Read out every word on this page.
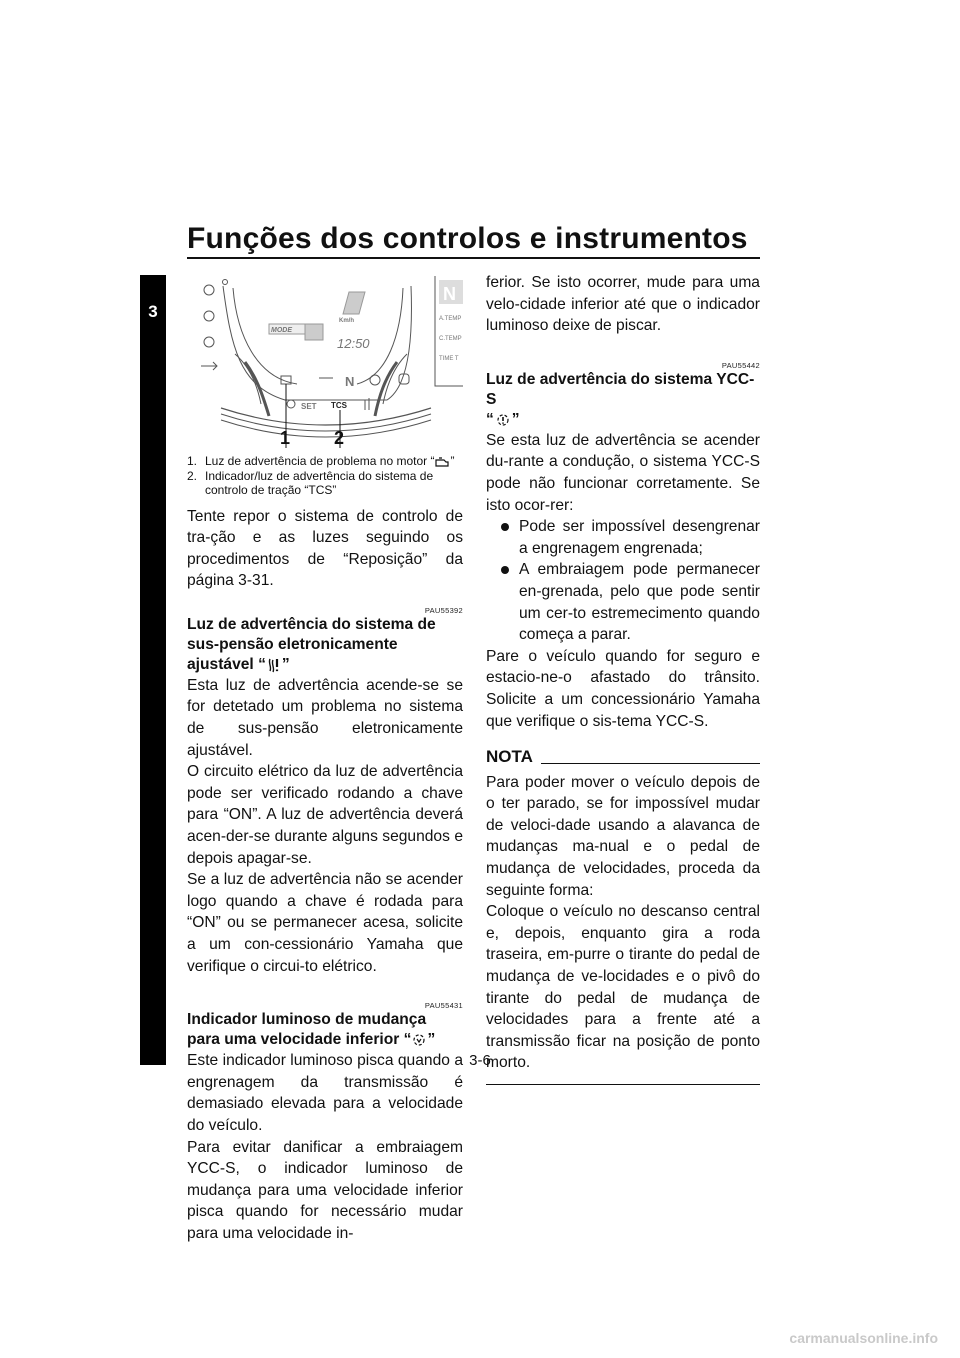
Funções dos controlos e instrumentos
3
MODE
12:50
Km/h
N
SET TCS
A.TEMP
C.TEMP
TIME T
N
1 2
1. Luz de advertência de problema no motor “ ”
2. Indicador/luz de advertência do sistema de controlo de tração “TCS”

Tente repor o sistema de controlo de tra-ção e as luzes seguindo os procedimentos de “Reposição” da página 3-31.

PAU55392
Luz de advertência do sistema de sus-pensão eletronicamente ajustável “ ”

Esta luz de advertência acende-se se for detetado um problema no sistema de sus-pensão eletronicamente ajustável.

O circuito elétrico da luz de advertência pode ser verificado rodando a chave para “ON”. A luz de advertência deverá acen-der-se durante alguns segundos e depois apagar-se.

Se a luz de advertência não se acender logo quando a chave é rodada para “ON” ou se permanecer acesa, solicite a um con-cessionário Yamaha que verifique o circui-to elétrico.

PAU55431
Indicador luminoso de mudança para uma velocidade inferior “ ”

Este indicador luminoso pisca quando a engrenagem da transmissão é demasiado elevada para a velocidade do veículo.

Para evitar danificar a embraiagem YCC-S, o indicador luminoso de mudança para uma velocidade inferior pisca quando for necessário mudar para uma velocidade in-

ferior. Se isto ocorrer, mude para uma velo-cidade inferior até que o indicador luminoso deixe de piscar.

PAU55442
Luz de advertência do sistema YCC-S
“ ”

Se esta luz de advertência se acender du-rante a condução, o sistema YCC-S pode não funcionar corretamente. Se isto ocor-rer:

Pode ser impossível desengrenar a engrenagem engrenada;
A embraiagem pode permanecer en-grenada, pelo que pode sentir um cer-to estremecimento quando começa a parar.

Pare o veículo quando for seguro e estacio-ne-o afastado do trânsito. Solicite a um concessionário Yamaha que verifique o sis-tema YCC-S.

NOTA

Para poder mover o veículo depois de o ter parado, se for impossível mudar de veloci-dade usando a alavanca de mudanças ma-nual e o pedal de mudança de velocidades, proceda da seguinte forma:

Coloque o veículo no descanso central e, depois, enquanto gira a roda traseira, em-purre o tirante do pedal de mudança de ve-locidades e o pivô do tirante do pedal de mudança de velocidades para a frente até a transmissão ficar na posição de ponto morto.

3-6
carmanualsonline.info
